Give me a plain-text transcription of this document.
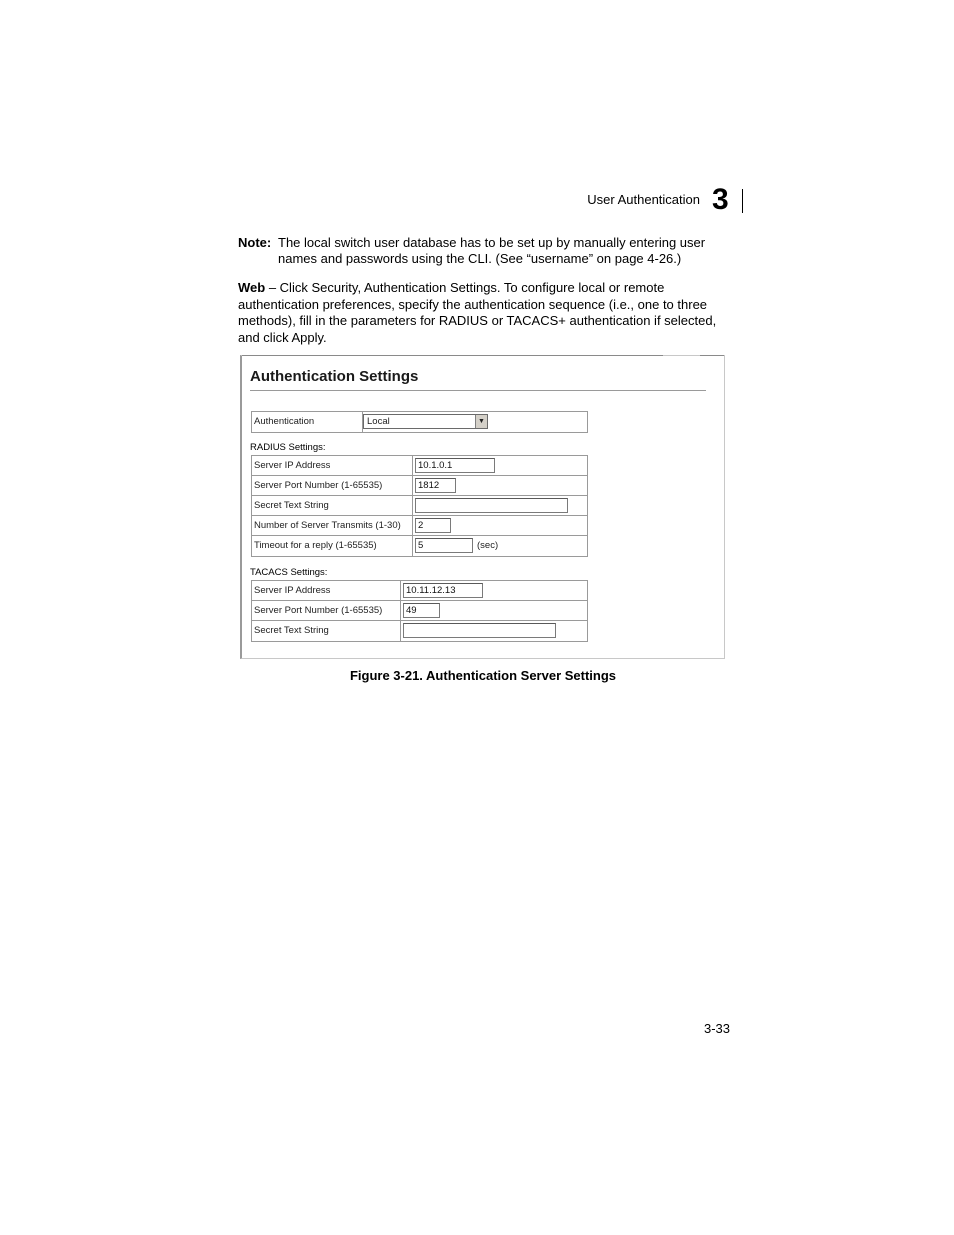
User Authentication 3
Note: The local switch user database has to be set up by manually entering user names and passwords using the CLI. (See “username” on page 4-26.)
Web – Click Security, Authentication Settings. To configure local or remote authentication preferences, specify the authentication sequence (i.e., one to three methods), fill in the parameters for RADIUS or TACACS+ authentication if selected, and click Apply.
Authentication Settings
Authentication	Local	▼
RADIUS Settings:
Server IP Address	10.1.0.1
Server Port Number (1-65535)	1812
Secret Text String
Number of Server Transmits (1-30)	2
Timeout for a reply (1-65535)	5	(sec)
TACACS Settings:
Server IP Address	10.11.12.13
Server Port Number (1-65535)	49
Secret Text String
Figure 3-21. Authentication Server Settings
3-33
